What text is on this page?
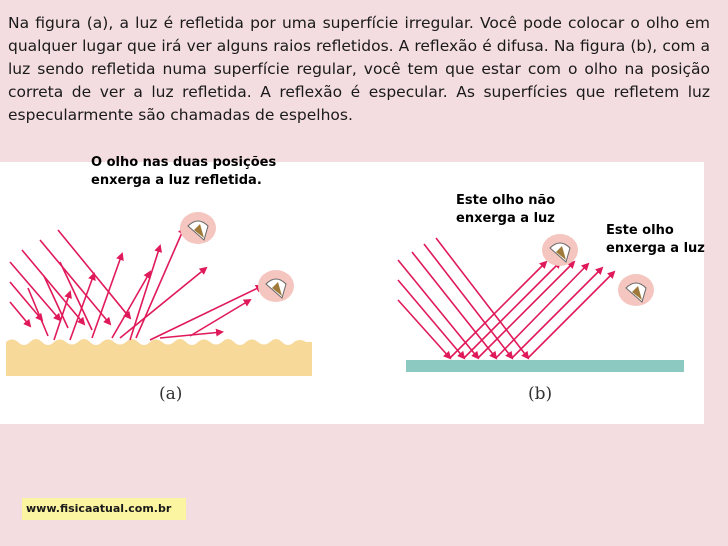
Na figura (a), a luz é refletida por uma superfície irregular. Você pode colocar o olho em qualquer lugar que irá ver alguns raios refletidos. A reflexão é difusa. Na figura (b), com a luz sendo refletida numa superfície regular, você tem que estar com o olho na posição correta de ver a luz refletida. A reflexão é especular. As superfícies que refletem luz especularmente são chamadas de espelhos.

O olho nas duas posições
enxerga a luz refletida.
Este olho não
enxerga a luz
Este olho
enxerga a luz
(a)	(b)
www.fisicaatual.com.br
